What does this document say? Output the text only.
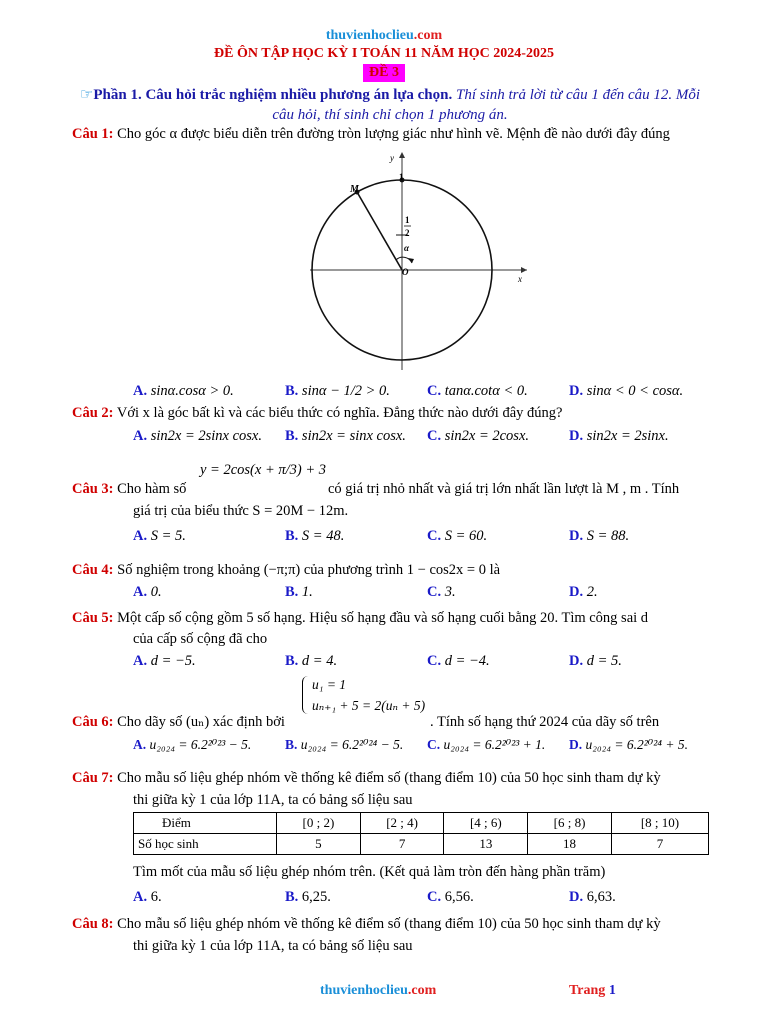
thuvienhoclieu.com
ĐỀ ÔN TẬP HỌC KỲ I TOÁN 11 NĂM HỌC 2024-2025
ĐỀ 3
☞Phần 1. Câu hỏi trắc nghiệm nhiều phương án lựa chọn. Thí sinh trả lời từ câu 1 đến câu 12. Mỗi câu hỏi, thí sinh chỉ chọn 1 phương án.
Câu 1: Cho góc α được biểu diễn trên đường tròn lượng giác như hình vẽ. Mệnh đề nào dưới đây đúng
y
x
O
1
M
1
2
α
A. sinα.cosα > 0.	B. sinα − 1/2 > 0.	C. tanα.cotα < 0.	D. sinα < 0 < cosα.
Câu 2: Với x là góc bất kì và các biểu thức có nghĩa. Đẳng thức nào dưới đây đúng?
A. sin2x = 2sinx cosx. B. sin2x = sinx cosx. C. sin2x = 2cosx.	D. sin2x = 2sinx.
y = 2cos(x + π/3) + 3
Câu 3: Cho hàm số	có giá trị nhỏ nhất và giá trị lớn nhất lần lượt là M , m . Tính
giá trị của biểu thức S = 20M − 12m.
A. S = 5.	B. S = 48.	C. S = 60.	D. S = 88.
Câu 4: Số nghiệm trong khoảng (−π;π) của phương trình 1 − cos2x = 0 là
A. 0.	B. 1.	C. 3.	D. 2.
Câu 5: Một cấp số cộng gồm 5 số hạng. Hiệu số hạng đầu và số hạng cuối bằng 20. Tìm công sai d
của cấp số cộng đã cho
A. d = −5.	B. d = 4.	C. d = −4.	D. d = 5.
u₁ = 1
uₙ₊₁ + 5 = 2(uₙ + 5)
Câu 6: Cho dãy số (uₙ) xác định bởi	. Tính số hạng thứ 2024 của dãy số trên
A. u₂₀₂₄ = 6.2²⁰²³ − 5. B. u₂₀₂₄ = 6.2²⁰²⁴ − 5. C. u₂₀₂₄ = 6.2²⁰²³ + 1. D. u₂₀₂₄ = 6.2²⁰²⁴ + 5.
Câu 7: Cho mẫu số liệu ghép nhóm về thống kê điểm số (thang điểm 10) của 50 học sinh tham dự kỳ
thi giữa kỳ 1 của lớp 11A, ta có bảng số liệu sau
Điểm	[0 ; 2)	[2 ; 4)	[4 ; 6)	[6 ; 8)	[8 ; 10)
Số học sinh	5	7	13	18	7
Tìm mốt của mẫu số liệu ghép nhóm trên. (Kết quả làm tròn đến hàng phần trăm)
A. 6.	B. 6,25.	C. 6,56.	D. 6,63.
Câu 8: Cho mẫu số liệu ghép nhóm về thống kê điểm số (thang điểm 10) của 50 học sinh tham dự kỳ
thi giữa kỳ 1 của lớp 11A, ta có bảng số liệu sau
thuvienhoclieu.com	Trang 1
